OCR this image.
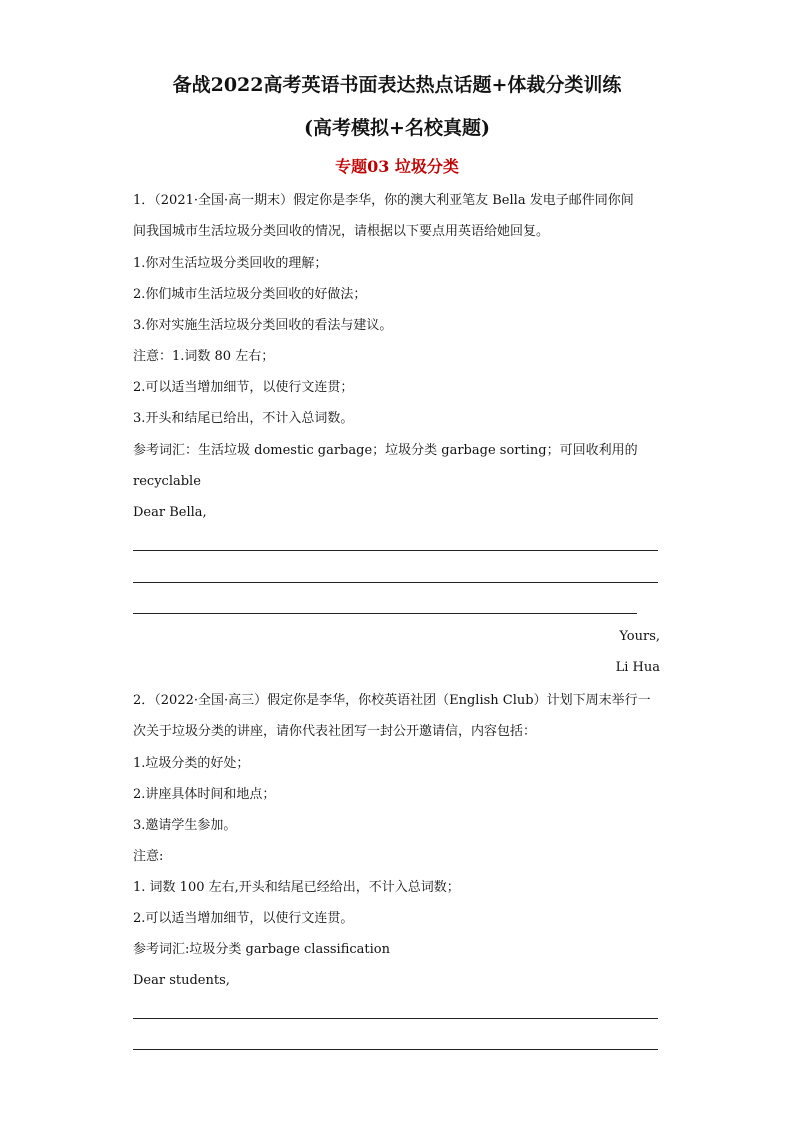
备战2022高考英语书面表达热点话题+体裁分类训练
(高考模拟+名校真题)
专题03 垃圾分类
1．（2021·全国·高一期末）假定你是李华，你的澳大利亚笔友 Bella 发电子邮件同你间
间我国城市生活垃圾分类回收的情况，请根据以下要点用英语给她回复。
1.你对生活垃圾分类回收的理解；
2.你们城市生活垃圾分类回收的好做法；
3.你对实施生活垃圾分类回收的看法与建议。
注意：1.词数 80 左右；
2.可以适当增加细节，以使行文连贯；
3.开头和结尾已给出，不计入总词数。
参考词汇：生活垃圾 domestic garbage；垃圾分类 garbage sorting；可回收利用的
recyclable
Dear Bella,
Yours,
Li Hua
2．（2022·全国·高三）假定你是李华，你校英语社团（English Club）计划下周末举行一
次关于垃圾分类的讲座，请你代表社团写一封公开邀请信，内容包括：
1.垃圾分类的好处；
2.讲座具体时间和地点；
3.邀请学生参加。
注意:
1. 词数 100 左右,开头和结尾已经给出，不计入总词数；
2.可以适当增加细节，以使行文连贯。
参考词汇:垃圾分类 garbage classification
Dear students,
